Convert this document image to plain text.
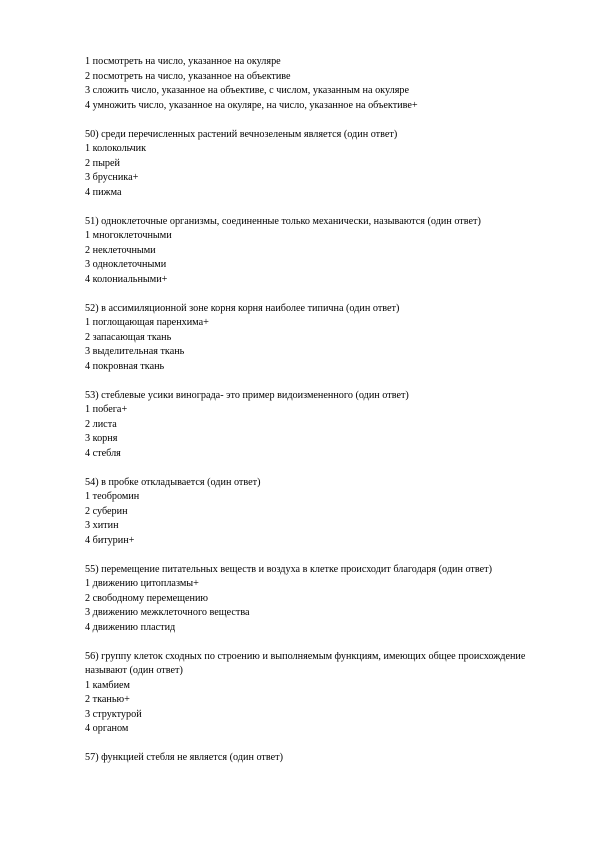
1 посмотреть на число, указанное на окуляре
2 посмотреть на число, указанное на объективе
3 сложить число, указанное на объективе, с числом, указанным на окуляре
4 умножить число, указанное на окуляре, на число, указанное на объективе+
50) среди перечисленных растений вечнозеленым является (один ответ)
1 колокольчик
2 пырей
3 брусника+
4 пижма
51) одноклеточные организмы, соединенные только механически, называются (один ответ)
1 многоклеточными
2 неклеточными
3 одноклеточными
4 колониальными+
52) в ассимиляционной зоне корня корня наиболее типична (один ответ)
1 поглощающая паренхима+
2 запасающая ткань
3 выделительная ткань
4 покровная ткань
53) стеблевые усики винограда- это пример видоизмененного (один ответ)
1 побега+
2 листа
3 корня
4 стебля
54) в пробке откладывается (один ответ)
1 теобромин
2 суберин
3 хитин
4 битурин+
55) перемещение питательных веществ и воздуха в клетке происходит благодаря (один ответ)
1 движению цитоплазмы+
2 свободному перемещению
3 движению межклеточного вещества
4 движению пластид
56) группу клеток сходных по строению и выполняемым функциям, имеющих общее происхождение называют (один ответ)
1 камбием
2 тканью+
3 структурой
4 органом
57) функцией стебля не является (один ответ)
